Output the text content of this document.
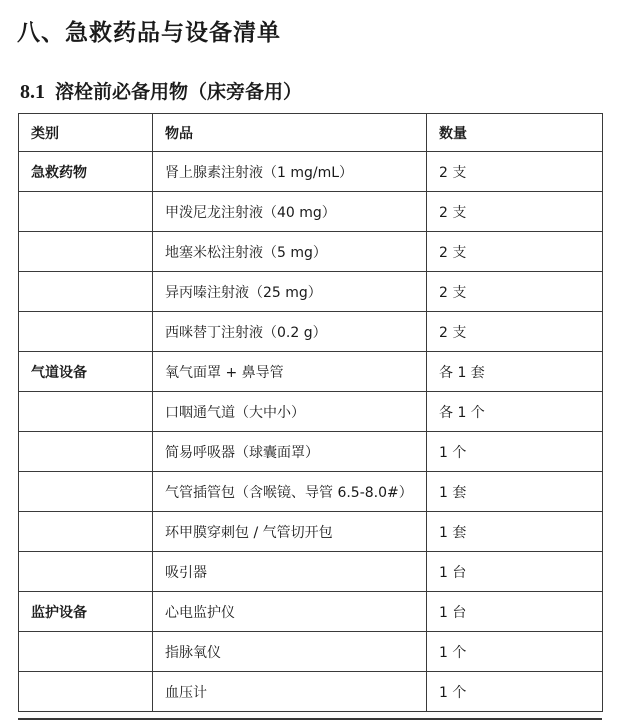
八、急救药品与设备清单
8.1 溶栓前必备用物（床旁备用）
类别	物品	数量
急救药物	肾上腺素注射液（1 mg/mL）	2 支
	甲泼尼龙注射液（40 mg）	2 支
	地塞米松注射液（5 mg）	2 支
	异丙嗪注射液（25 mg）	2 支
	西咪替丁注射液（0.2 g）	2 支
气道设备	氧气面罩 + 鼻导管	各 1 套
	口咽通气道（大中小）	各 1 个
	简易呼吸器（球囊面罩）	1 个
	气管插管包（含喉镜、导管 6.5-8.0#）	1 套
	环甲膜穿刺包 / 气管切开包	1 套
	吸引器	1 台
监护设备	心电监护仪	1 台
	指脉氧仪	1 个
	血压计	1 个
